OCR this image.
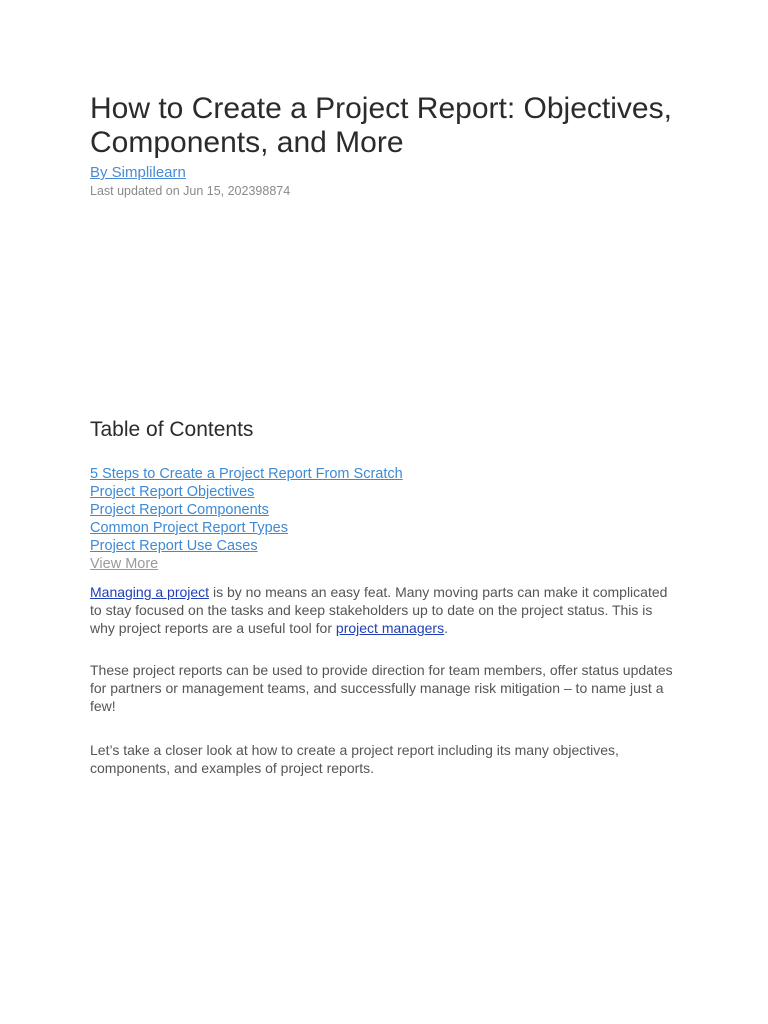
How to Create a Project Report: Objectives, Components, and More
By Simplilearn
Last updated on Jun 15, 202398874
Table of Contents
5 Steps to Create a Project Report From Scratch
Project Report Objectives
Project Report Components
Common Project Report Types
Project Report Use Cases
View More

Managing a project is by no means an easy feat. Many moving parts can make it complicated to stay focused on the tasks and keep stakeholders up to date on the project status. This is why project reports are a useful tool for project managers.

These project reports can be used to provide direction for team members, offer status updates for partners or management teams, and successfully manage risk mitigation – to name just a few!

Let’s take a closer look at how to create a project report including its many objectives, components, and examples of project reports.
